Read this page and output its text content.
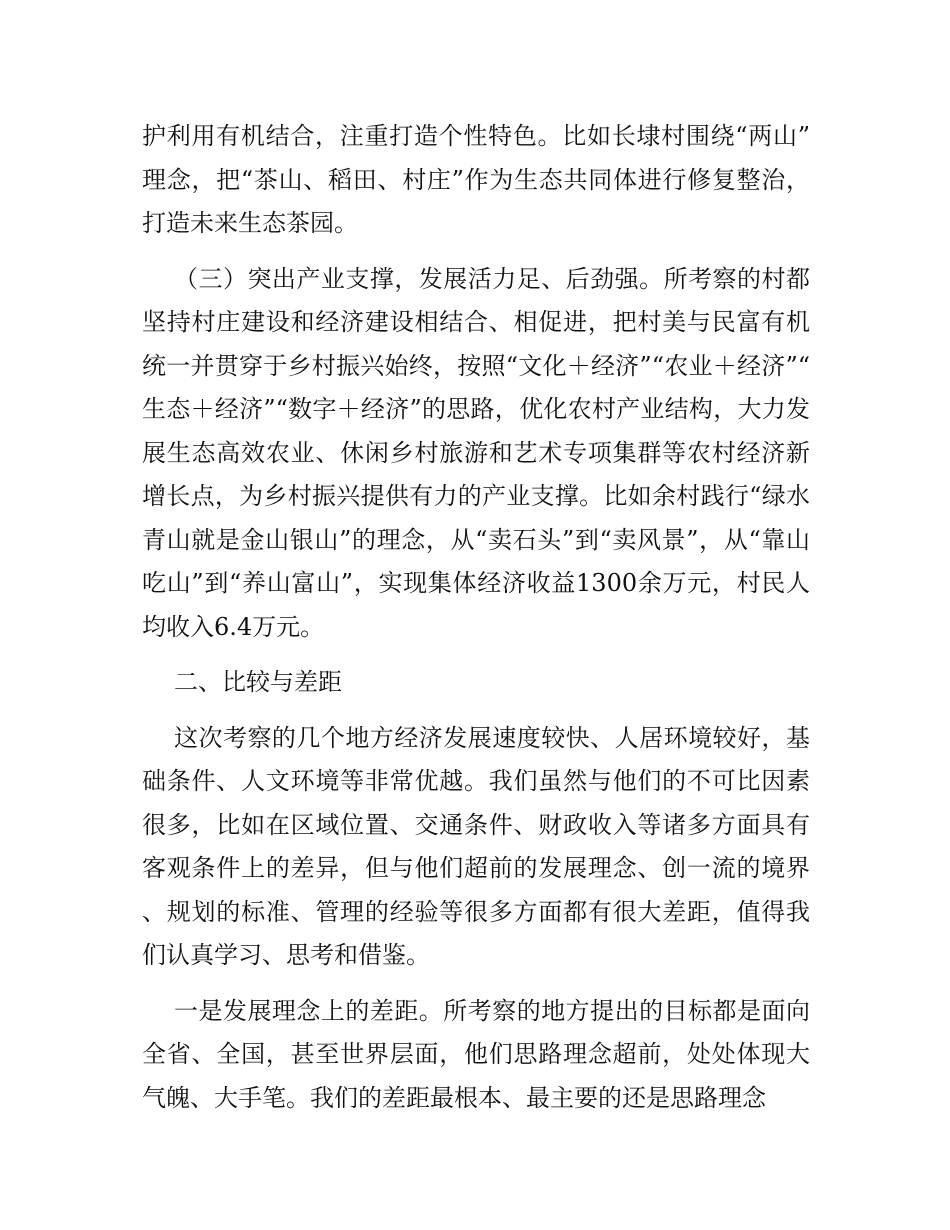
护利用有机结合，注重打造个性特色。比如长埭村围绕“两山”理念，把“茶山、稻田、村庄”作为生态共同体进行修复整治，打造未来生态茶园。

（三）突出产业支撑，发展活力足、后劲强。所考察的村都坚持村庄建设和经济建设相结合、相促进，把村美与民富有机统一并贯穿于乡村振兴始终，按照“文化＋经济”“农业＋经济”“生态＋经济”“数字＋经济”的思路，优化农村产业结构，大力发展生态高效农业、休闲乡村旅游和艺术专项集群等农村经济新增长点，为乡村振兴提供有力的产业支撑。比如余村践行“绿水青山就是金山银山”的理念，从“卖石头”到“卖风景”，从“靠山吃山”到“养山富山”，实现集体经济收益1300余万元，村民人均收入6.4万元。

二、比较与差距

这次考察的几个地方经济发展速度较快、人居环境较好，基础条件、人文环境等非常优越。我们虽然与他们的不可比因素很多，比如在区域位置、交通条件、财政收入等诸多方面具有客观条件上的差异，但与他们超前的发展理念、创一流的境界、规划的标准、管理的经验等很多方面都有很大差距，值得我们认真学习、思考和借鉴。

一是发展理念上的差距。所考察的地方提出的目标都是面向全省、全国，甚至世界层面，他们思路理念超前，处处体现大气魄、大手笔。我们的差距最根本、最主要的还是思路理念
